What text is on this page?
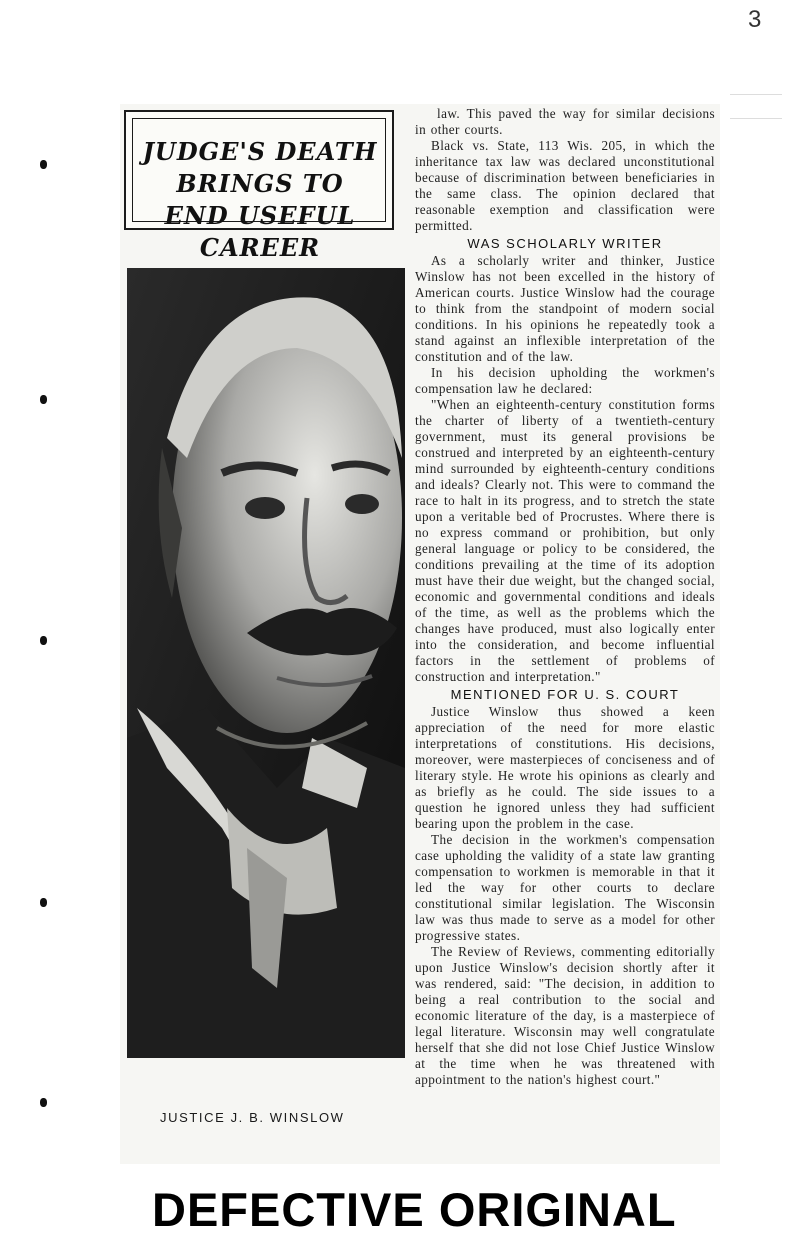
3
JUDGE'S DEATH BRINGS TO END USEFUL CAREER
JUSTICE J. B. WINSLOW

law. This paved the way for similar decisions in other courts.

Black vs. State, 113 Wis. 205, in which the inheritance tax law was declared unconstitutional because of discrimination between beneficiaries in the same class. The opinion declared that reasonable exemption and classification were permitted.

WAS SCHOLARLY WRITER

As a scholarly writer and thinker, Justice Winslow has not been excelled in the history of American courts. Justice Winslow had the courage to think from the standpoint of modern social conditions. In his opinions he repeatedly took a stand against an inflexible interpretation of the constitution and of the law.

In his decision upholding the workmen's compensation law he declared:

"When an eighteenth-century constitution forms the charter of liberty of a twentieth-century government, must its general provisions be construed and interpreted by an eighteenth-century mind surrounded by eighteenth-century conditions and ideals? Clearly not. This were to command the race to halt in its progress, and to stretch the state upon a veritable bed of Procrustes. Where there is no express command or prohibition, but only general language or policy to be considered, the conditions prevailing at the time of its adoption must have their due weight, but the changed social, economic and governmental conditions and ideals of the time, as well as the problems which the changes have produced, must also logically enter into the consideration, and become influential factors in the settlement of problems of construction and interpretation."

MENTIONED FOR U. S. COURT

Justice Winslow thus showed a keen appreciation of the need for more elastic interpretations of constitutions. His decisions, moreover, were masterpieces of conciseness and of literary style. He wrote his opinions as clearly and as briefly as he could. The side issues to a question he ignored unless they had sufficient bearing upon the problem in the case.

The decision in the workmen's compensation case upholding the validity of a state law granting compensation to workmen is memorable in that it led the way for other courts to declare constitutional similar legislation. The Wisconsin law was thus made to serve as a model for other progressive states.

The Review of Reviews, commenting editorially upon Justice Winslow's decision shortly after it was rendered, said: "The decision, in addition to being a real contribution to the social and economic literature of the day, is a masterpiece of legal literature. Wisconsin may well congratulate herself that she did not lose Chief Justice Winslow at the time when he was threatened with appointment to the nation's highest court."

DEFECTIVE ORIGINAL
